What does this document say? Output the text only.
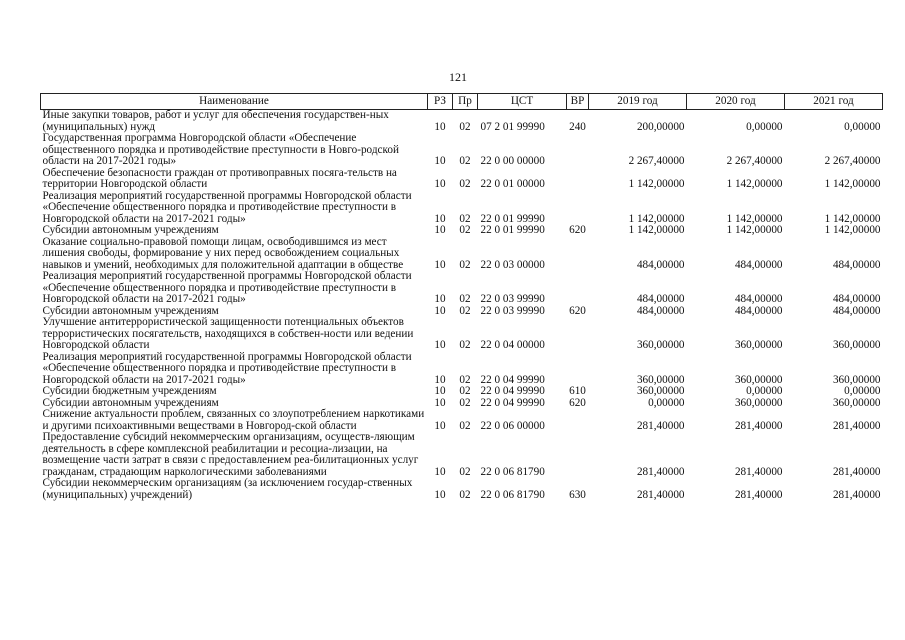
121
Наименование	РЗ	Пр	ЦСТ	ВР	2019 год	2020 год	2021 год
Иные закупки товаров, работ и услуг для обеспечения государствен-ных (муниципальных) нужд	10	02	07 2 01 99990	240	200,00000	0,00000	0,00000
Государственная программа Новгородской области «Обеспечение общественного порядка и противодействие преступности в Новго-родской области на 2017-2021 годы»	10	02	22 0 00 00000		2 267,40000	2 267,40000	2 267,40000
Обеспечение безопасности граждан от противоправных посяга-тельств на территории Новгородской области	10	02	22 0 01 00000		1 142,00000	1 142,00000	1 142,00000
Реализация мероприятий государственной программы Новгородской области «Обеспечение общественного порядка и противодействие преступности в Новгородской области на 2017-2021 годы»	10	02	22 0 01 99990		1 142,00000	1 142,00000	1 142,00000
Субсидии автономным учреждениям	10	02	22 0 01 99990	620	1 142,00000	1 142,00000	1 142,00000
Оказание социально-правовой помощи лицам, освободившимся из мест лишения свободы, формирование у них перед освобождением социальных навыков и умений, необходимых для положительной адаптации в обществе	10	02	22 0 03 00000		484,00000	484,00000	484,00000
Реализация мероприятий государственной программы Новгородской области «Обеспечение общественного порядка и противодействие преступности в Новгородской области на 2017-2021 годы»	10	02	22 0 03 99990		484,00000	484,00000	484,00000
Субсидии автономным учреждениям	10	02	22 0 03 99990	620	484,00000	484,00000	484,00000
Улучшение антитеррористической защищенности потенциальных объектов террористических посягательств, находящихся в собствен-ности или ведении Новгородской области	10	02	22 0 04 00000		360,00000	360,00000	360,00000
Реализация мероприятий государственной программы Новгородской области «Обеспечение общественного порядка и противодействие преступности в Новгородской области на 2017-2021 годы»	10	02	22 0 04 99990		360,00000	360,00000	360,00000
Субсидии бюджетным учреждениям	10	02	22 0 04 99990	610	360,00000	0,00000	0,00000
Субсидии автономным учреждениям	10	02	22 0 04 99990	620	0,00000	360,00000	360,00000
Снижение актуальности проблем, связанных со злоупотреблением наркотиками и другими психоактивными веществами в Новгород-ской области	10	02	22 0 06 00000		281,40000	281,40000	281,40000
Предоставление субсидий некоммерческим организациям, осуществ-ляющим деятельность в сфере комплексной реабилитации и ресоциа-лизации, на возмещение части затрат в связи с предоставлением реа-билитационных услуг гражданам, страдающим наркологическими заболеваниями	10	02	22 0 06 81790		281,40000	281,40000	281,40000
Субсидии некоммерческим организациям (за исключением государ-ственных (муниципальных) учреждений)	10	02	22 0 06 81790	630	281,40000	281,40000	281,40000
